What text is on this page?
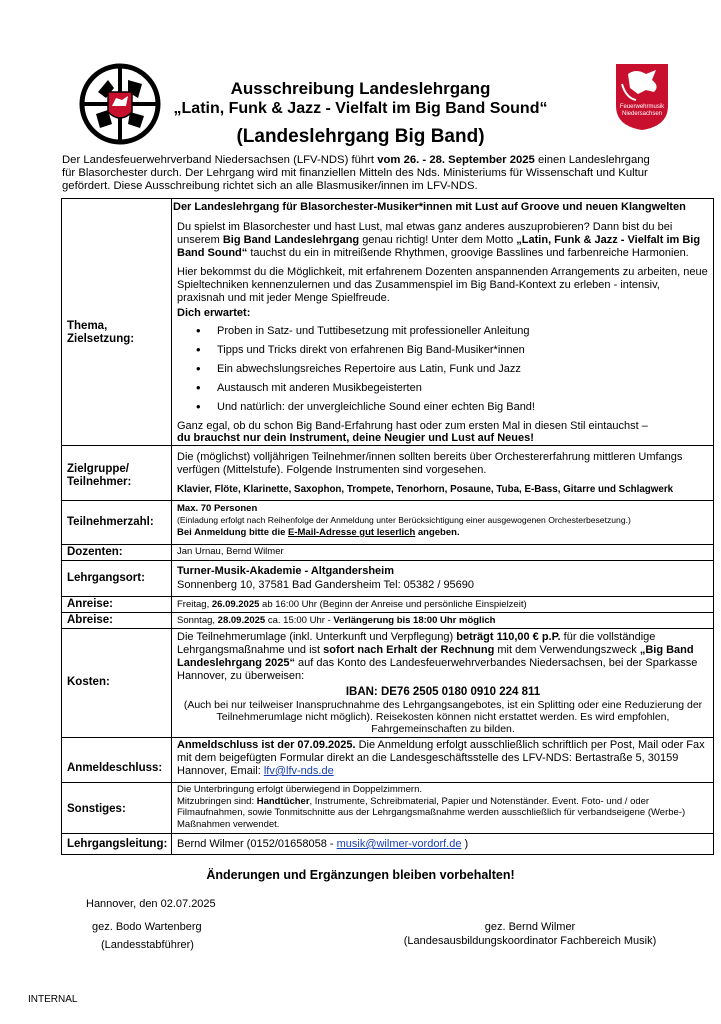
Feuerwehrmusik
Niedersachsen
Ausschreibung Landeslehrgang
„Latin, Funk & Jazz - Vielfalt im Big Band Sound“
(Landeslehrgang Big Band)
Der Landesfeuerwehrverband Niedersachsen (LFV-NDS) führt vom 26. - 28. September 2025 einen Landeslehrgang für Blasorchester durch. Der Lehrgang wird mit finanziellen Mitteln des Nds. Ministeriums für Wissenschaft und Kultur gefördert. Diese Ausschreibung richtet sich an alle Blasmusiker/innen im LFV-NDS.
Thema, Zielsetzung:
Der Landeslehrgang für Blasorchester-Musiker*innen mit Lust auf Groove und neuen Klangwelten
Du spielst im Blasorchester und hast Lust, mal etwas ganz anderes auszuprobieren? Dann bist du bei unserem Big Band Landeslehrgang genau richtig! Unter dem Motto „Latin, Funk & Jazz - Vielfalt im Big Band Sound“ tauchst du ein in mitreißende Rhythmen, groovige Basslines und farbenreiche Harmonien.
Hier bekommst du die Möglichkeit, mit erfahrenem Dozenten anspannenden Arrangements zu arbeiten, neue Spieltechniken kennenzulernen und das Zusammenspiel im Big Band-Kontext zu erleben - intensiv, praxisnah und mit jeder Menge Spielfreude.
Dich erwartet:
• Proben in Satz- und Tuttibesetzung mit professioneller Anleitung
• Tipps und Tricks direkt von erfahrenen Big Band-Musiker*innen
• Ein abwechslungsreiches Repertoire aus Latin, Funk und Jazz
• Austausch mit anderen Musikbegeisterten
• Und natürlich: der unvergleichliche Sound einer echten Big Band!
Ganz egal, ob du schon Big Band-Erfahrung hast oder zum ersten Mal in diesen Stil eintauchst –
du brauchst nur dein Instrument, deine Neugier und Lust auf Neues!
Zielgruppe/ Teilnehmer:
Die (möglichst) volljährigen Teilnehmer/innen sollten bereits über Orchestererfahrung mittleren Umfangs verfügen (Mittelstufe). Folgende Instrumenten sind vorgesehen.
Klavier, Flöte, Klarinette, Saxophon, Trompete, Tenorhorn, Posaune, Tuba, E-Bass, Gitarre und Schlagwerk
Teilnehmerzahl:
Max. 70 Personen
(Einladung erfolgt nach Reihenfolge der Anmeldung unter Berücksichtigung einer ausgewogenen Orchesterbesetzung.)
Bei Anmeldung bitte die E-Mail-Adresse gut leserlich angeben.
Dozenten:	Jan Urnau, Bernd Wilmer
Lehrgangsort:
Turner-Musik-Akademie - Altgandersheim
Sonnenberg 10, 37581 Bad Gandersheim Tel: 05382 / 95690
Anreise:	Freitag, 26.09.2025 ab 16:00 Uhr (Beginn der Anreise und persönliche Einspielzeit)
Abreise:	Sonntag, 28.09.2025 ca. 15:00 Uhr - Verlängerung bis 18:00 Uhr möglich
Kosten:
Die Teilnehmerumlage (inkl. Unterkunft und Verpflegung) beträgt 110,00 € p.P. für die vollständige Lehrgangsmaßnahme und ist sofort nach Erhalt der Rechnung mit dem Verwendungszweck „Big Band Landeslehrgang 2025“ auf das Konto des Landesfeuerwehrverbandes Niedersachsen, bei der Sparkasse Hannover, zu überweisen:
IBAN: DE76 2505 0180 0910 224 811
(Auch bei nur teilweiser Inanspruchnahme des Lehrgangsangebotes, ist ein Splitting oder eine Reduzierung der Teilnehmerumlage nicht möglich). Reisekosten können nicht erstattet werden. Es wird empfohlen, Fahrgemeinschaften zu bilden.
Anmeldeschluss:
Anmeldschluss ist der 07.09.2025. Die Anmeldung erfolgt ausschließlich schriftlich per Post, Mail oder Fax mit dem beigefügten Formular direkt an die Landesgeschäftsstelle des LFV-NDS: Bertastraße 5, 30159 Hannover, Email: lfv@lfv-nds.de
Sonstiges:
Die Unterbringung erfolgt überwiegend in Doppelzimmern.
Mitzubringen sind: Handtücher, Instrumente, Schreibmaterial, Papier und Notenständer. Event. Foto- und / oder Filmaufnahmen, sowie Tonmitschnitte aus der Lehrgangsmaßnahme werden ausschließlich für verbandseigene (Werbe-) Maßnahmen verwendet.
Lehrgangsleitung: Bernd Wilmer (0152/01658058 - musik@wilmer-vordorf.de )
Änderungen und Ergänzungen bleiben vorbehalten!
Hannover, den 02.07.2025
gez. Bodo Wartenberg
(Landesstabführer)
gez. Bernd Wilmer
(Landesausbildungskoordinator Fachbereich Musik)
INTERNAL
